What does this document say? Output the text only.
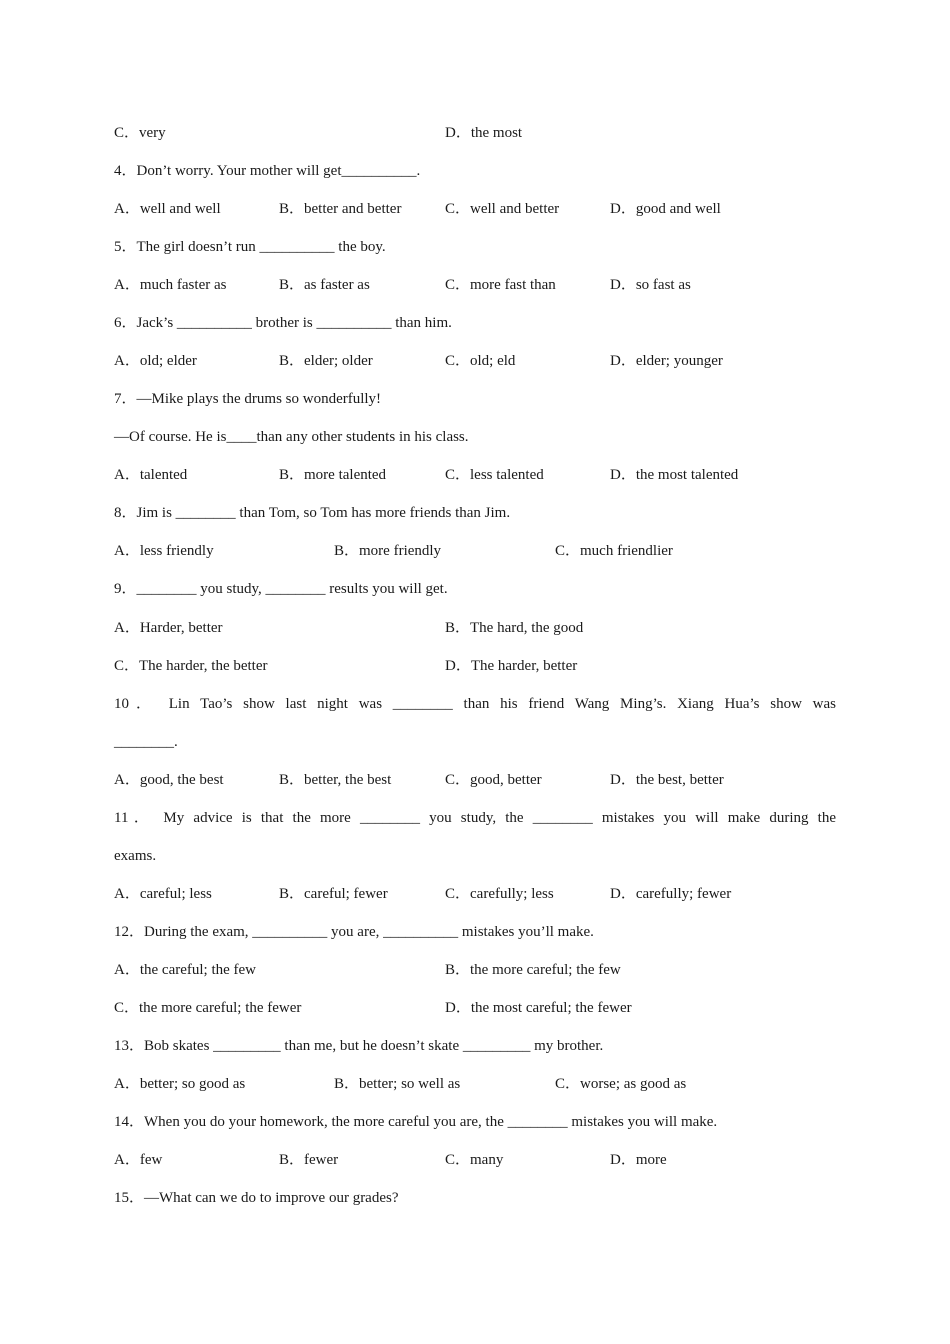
C．very	D．the most
4．Don’t worry. Your mother will get__________.
A．well and well	B．better and better	C．well and better	D．good and well
5．The girl doesn’t run __________ the boy.
A．much faster as	B．as faster as	C．more fast than	D．so fast as
6．Jack’s __________ brother is __________ than him.
A．old; elder	B．elder; older	C．old; eld	D．elder; younger
7．—Mike plays the drums so wonderfully!
—Of course. He is____than any other students in his class.
A．talented	B．more talented	C．less talented	D．the most talented
8．Jim is ________ than Tom, so Tom has more friends than Jim.
A．less friendly	B．more friendly	C．much friendlier
9．________ you study, ________ results you will get.
A．Harder, better	B．The hard, the good
C．The harder, the better	D．The harder, better
10． Lin Tao’s show last night was ________ than his friend Wang Ming’s. Xiang Hua’s show was
________.
A．good, the best	B．better, the best	C．good, better	D．the best, better
11． My advice is that the more ________ you study, the ________ mistakes you will make during the
exams.
A．careful; less	B．careful; fewer	C．carefully; less	D．carefully; fewer
12．During the exam, __________ you are, __________ mistakes you’ll make.
A．the careful; the few	B．the more careful; the few
C．the more careful; the fewer	D．the most careful; the fewer
13．Bob skates _________ than me, but he doesn’t skate _________ my brother.
A．better; so good as	B．better; so well as	C．worse; as good as
14．When you do your homework, the more careful you are, the ________ mistakes you will make.
A．few	B．fewer	C．many	D．more
15．—What can we do to improve our grades?
